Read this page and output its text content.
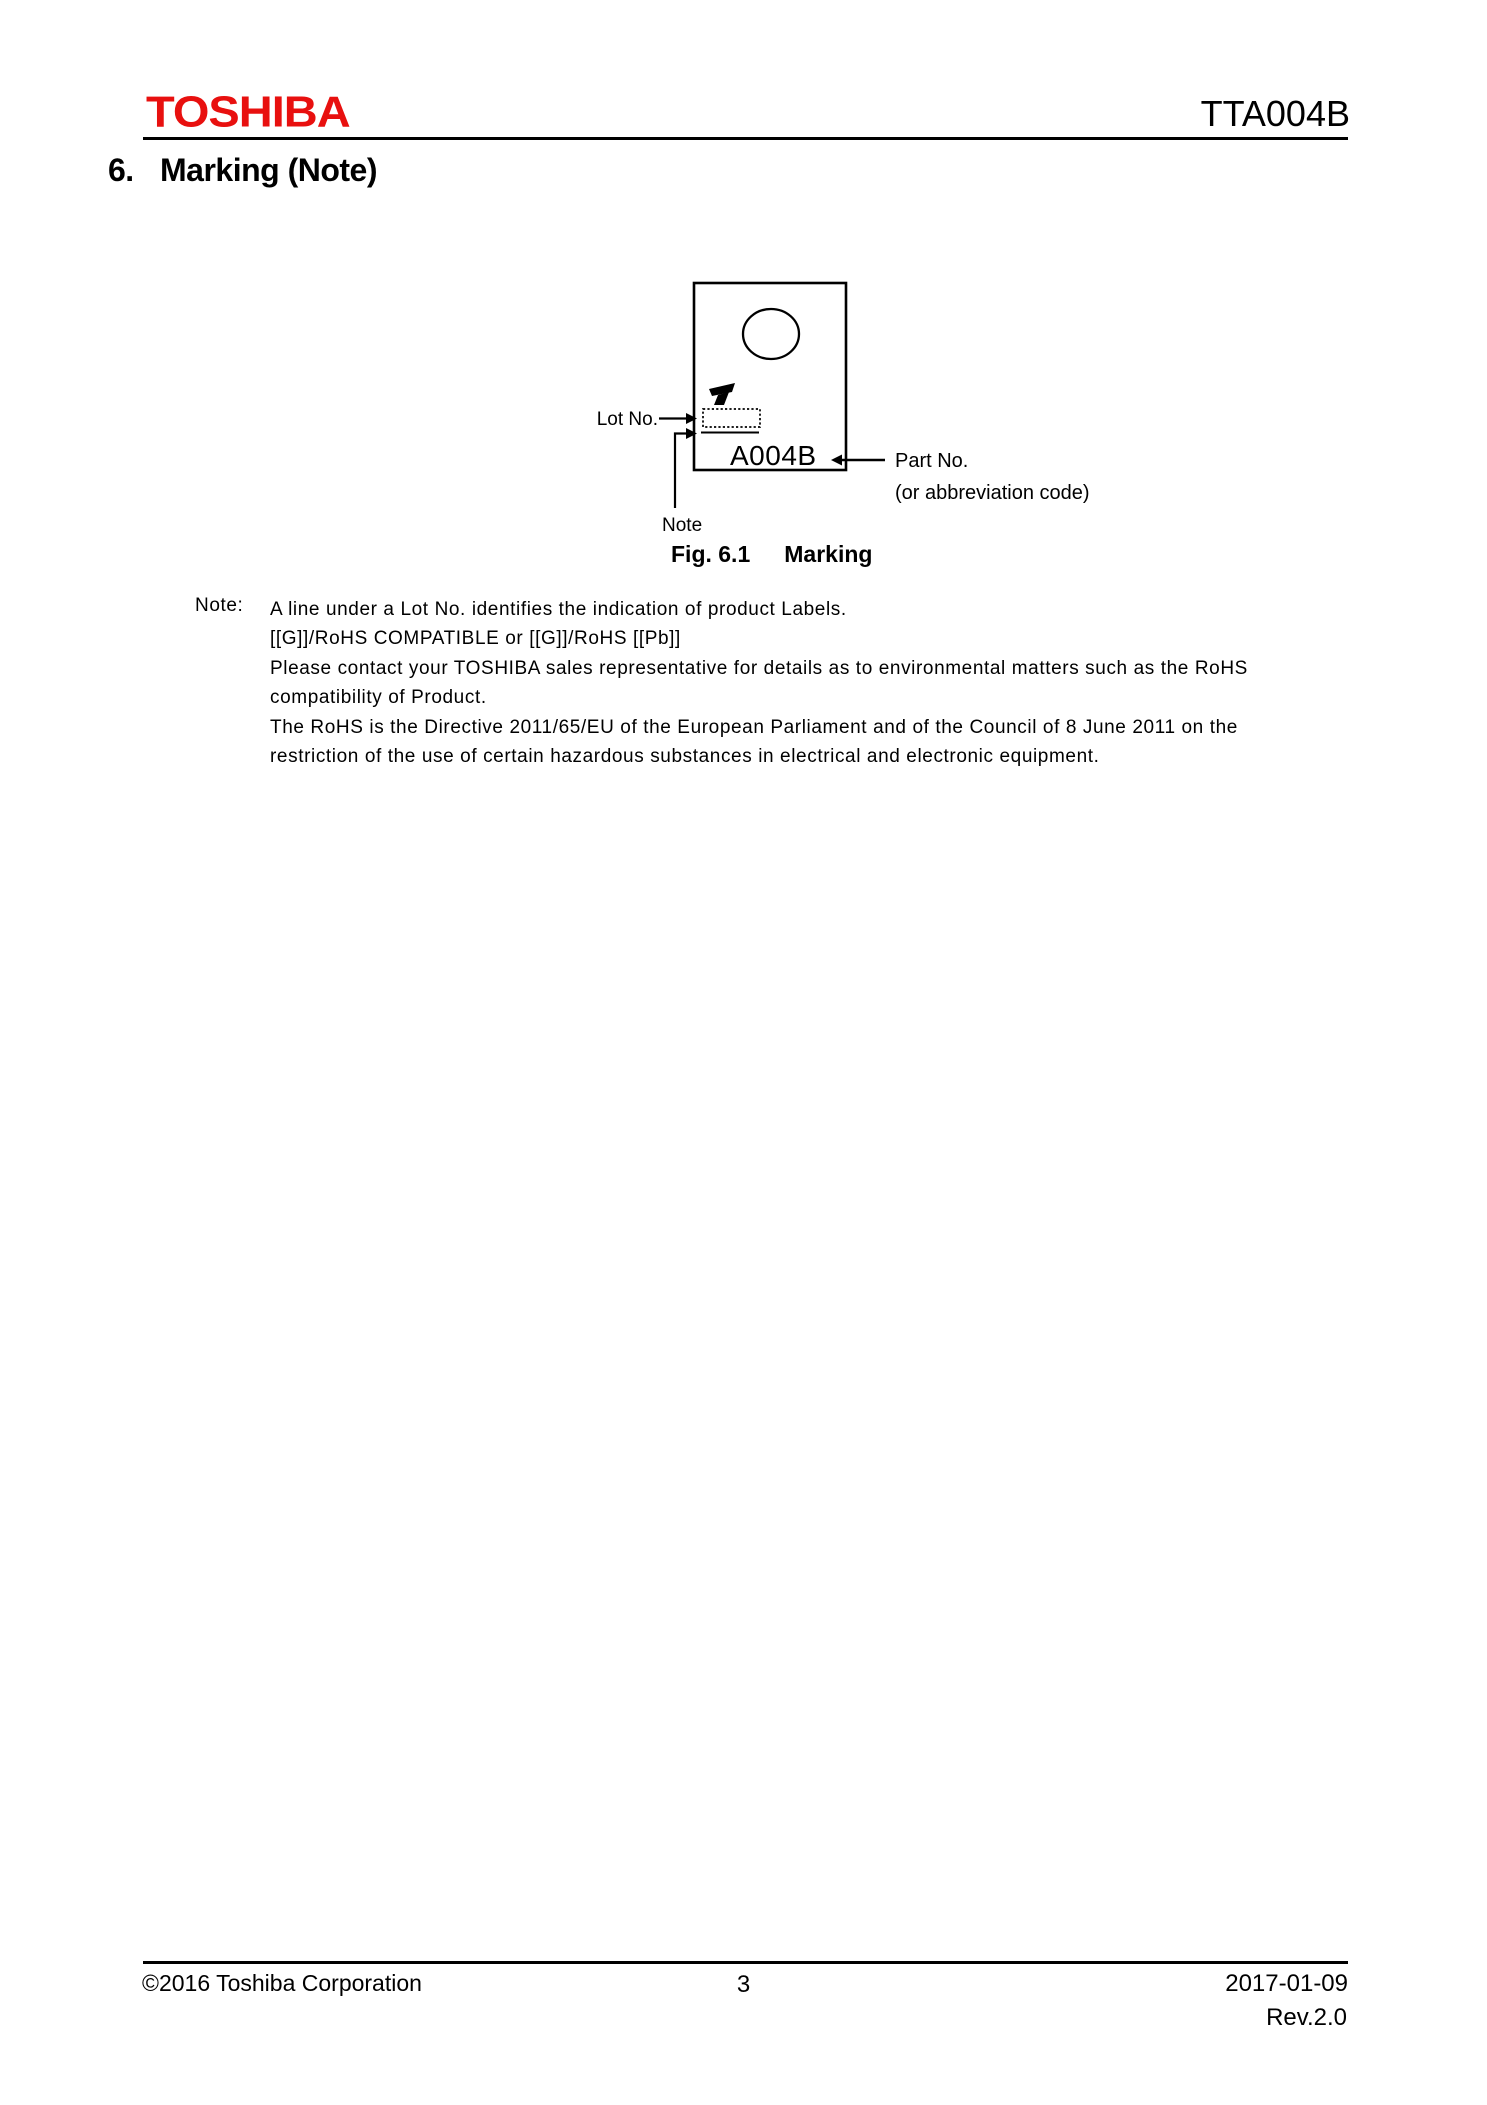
TOSHIBA	TTA004B
6. Marking (Note)
Lot No.
Note
A004B	Part No.
(or abbreviation code)
Fig. 6.1 Marking
Note: A line under a Lot No. identifies the indication of product Labels.
[[G]]/RoHS COMPATIBLE or [[G]]/RoHS [[Pb]]
Please contact your TOSHIBA sales representative for details as to environmental matters such as the RoHS
compatibility of Product.
The RoHS is the Directive 2011/65/EU of the European Parliament and of the Council of 8 June 2011 on the
restriction of the use of certain hazardous substances in electrical and electronic equipment.
©2016 Toshiba Corporation	3	2017-01-09
Rev.2.0
